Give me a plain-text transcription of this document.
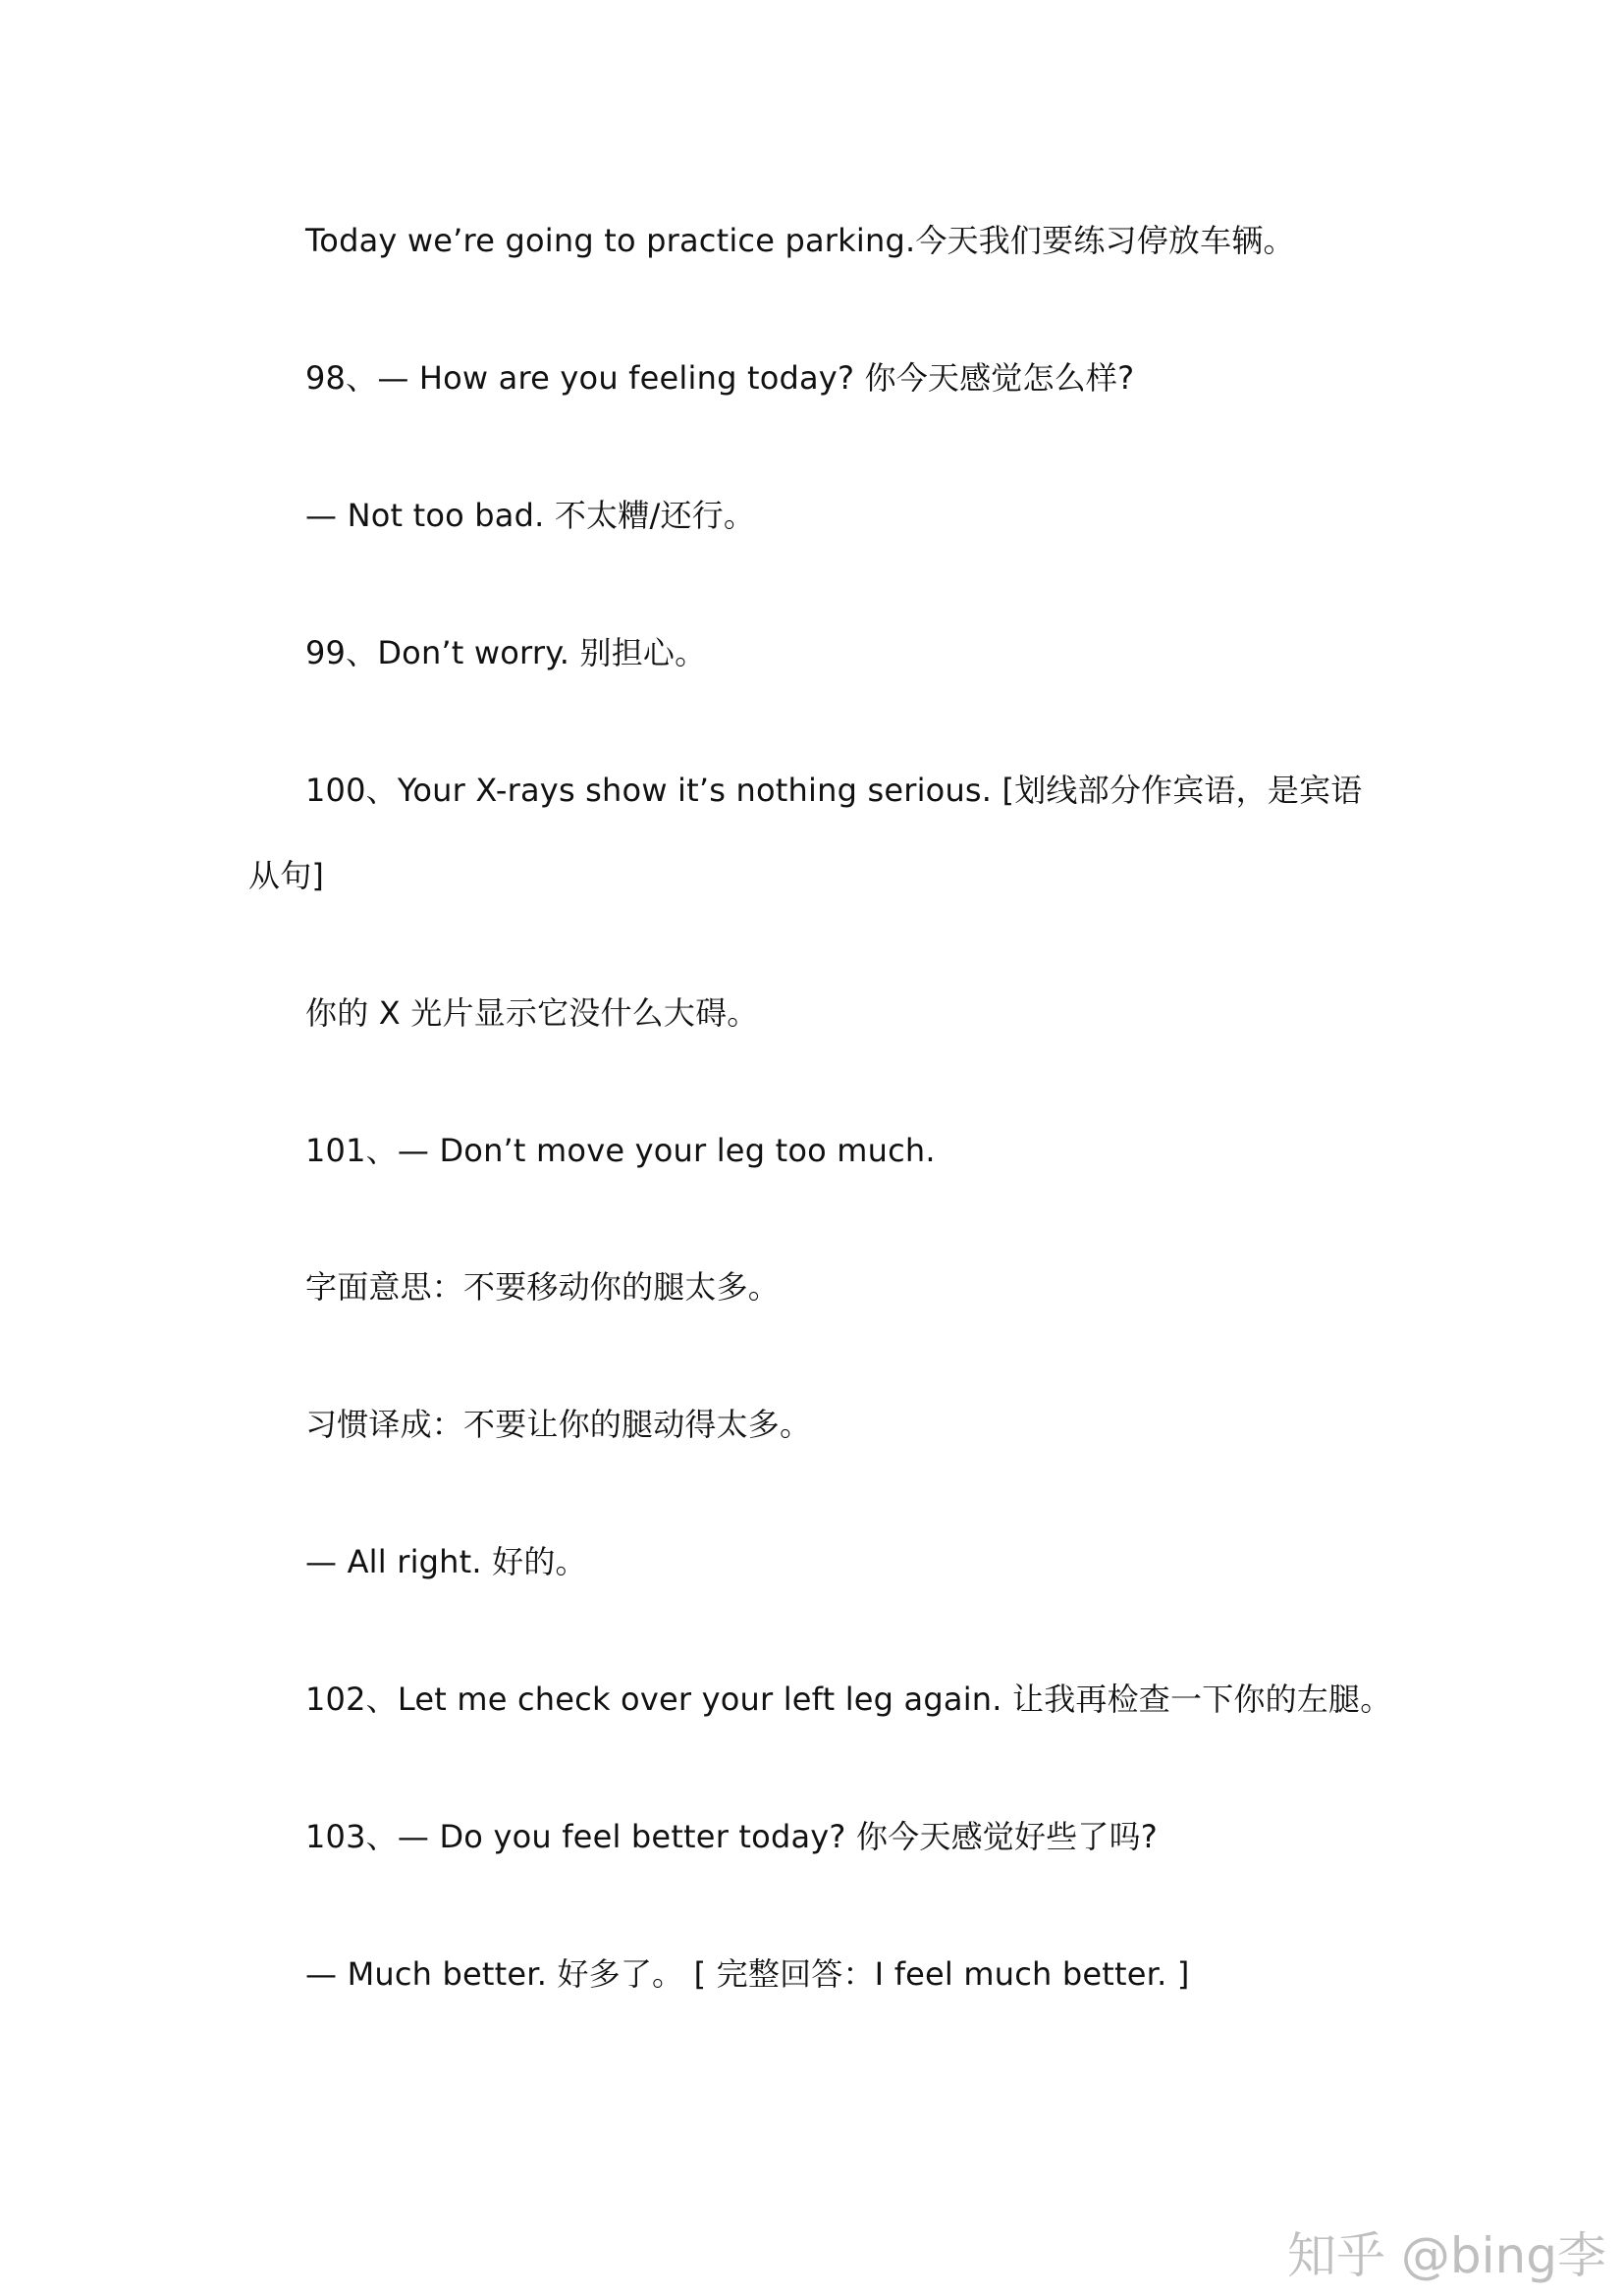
Today we’re going to practice parking.今天我们要练习停放车辆。
98、— How are you feeling today? 你今天感觉怎么样?
— Not too bad. 不太糟/还行。
99、Don’t worry. 别担心。
100、Your X-rays show it’s nothing serious. [划线部分作宾语，是宾语
从句]
你的 X 光片显示它没什么大碍。
101、— Don’t move your leg too much.
字面意思：不要移动你的腿太多。
习惯译成：不要让你的腿动得太多。
— All right. 好的。
102、Let me check over your left leg again. 让我再检查一下你的左腿。
103、— Do you feel better today? 你今天感觉好些了吗?
— Much better. 好多了。 [ 完整回答：I feel much better. ]
知乎 @bing李
